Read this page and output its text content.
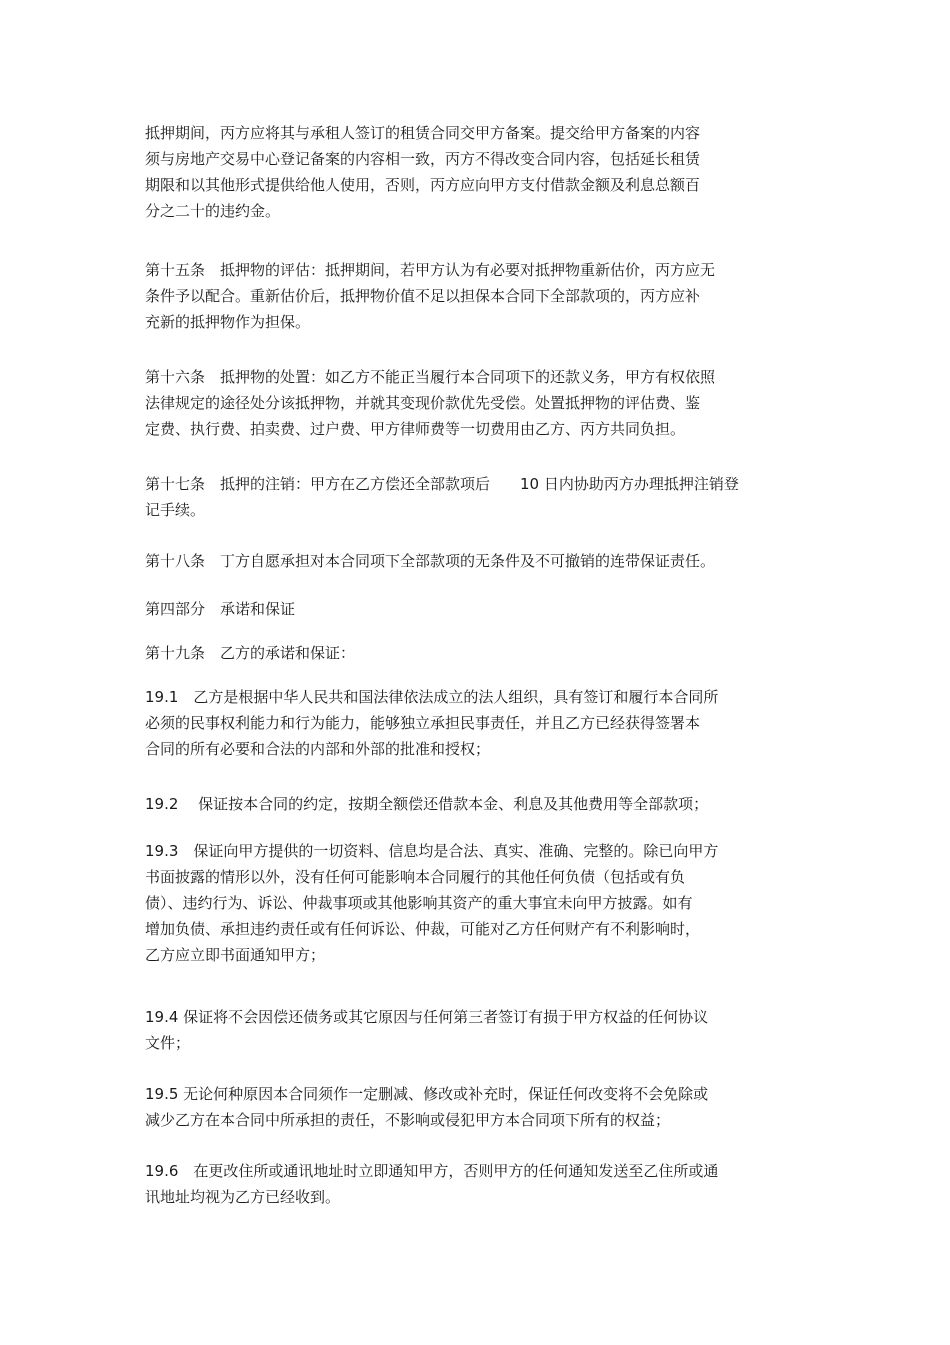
抵押期间，丙方应将其与承租人签订的租赁合同交甲方备案。提交给甲方备案的内容
须与房地产交易中心登记备案的内容相一致，丙方不得改变合同内容，包括延长租赁
期限和以其他形式提供给他人使用，否则，丙方应向甲方支付借款金额及利息总额百
分之二十的违约金。
第十五条　抵押物的评估：抵押期间，若甲方认为有必要对抵押物重新估价，丙方应无
条件予以配合。重新估价后，抵押物价值不足以担保本合同下全部款项的，丙方应补
充新的抵押物作为担保。
第十六条　抵押物的处置：如乙方不能正当履行本合同项下的还款义务，甲方有权依照
法律规定的途径处分该抵押物，并就其变现价款优先受偿。处置抵押物的评估费、鉴
定费、执行费、拍卖费、过户费、甲方律师费等一切费用由乙方、丙方共同负担。
第十七条　抵押的注销：甲方在乙方偿还全部款项后　　10 日内协助丙方办理抵押注销登
记手续。
第十八条　丁方自愿承担对本合同项下全部款项的无条件及不可撤销的连带保证责任。
第四部分　承诺和保证
第十九条　乙方的承诺和保证：
19.1　乙方是根据中华人民共和国法律依法成立的法人组织，具有签订和履行本合同所
必须的民事权利能力和行为能力，能够独立承担民事责任，并且乙方已经获得签署本
合同的所有必要和合法的内部和外部的批准和授权；
19.2　 保证按本合同的约定，按期全额偿还借款本金、利息及其他费用等全部款项；
19.3　保证向甲方提供的一切资料、信息均是合法、真实、准确、完整的。除已向甲方
书面披露的情形以外，没有任何可能影响本合同履行的其他任何负债（包括或有负
债）、违约行为、诉讼、仲裁事项或其他影响其资产的重大事宜未向甲方披露。如有
增加负债、承担违约责任或有任何诉讼、仲裁，可能对乙方任何财产有不利影响时，
乙方应立即书面通知甲方；
19.4 保证将不会因偿还债务或其它原因与任何第三者签订有损于甲方权益的任何协议
文件；
19.5 无论何种原因本合同须作一定删减、修改或补充时，保证任何改变将不会免除或
减少乙方在本合同中所承担的责任，不影响或侵犯甲方本合同项下所有的权益；
19.6　在更改住所或通讯地址时立即通知甲方，否则甲方的任何通知发送至乙住所或通
讯地址均视为乙方已经收到。
